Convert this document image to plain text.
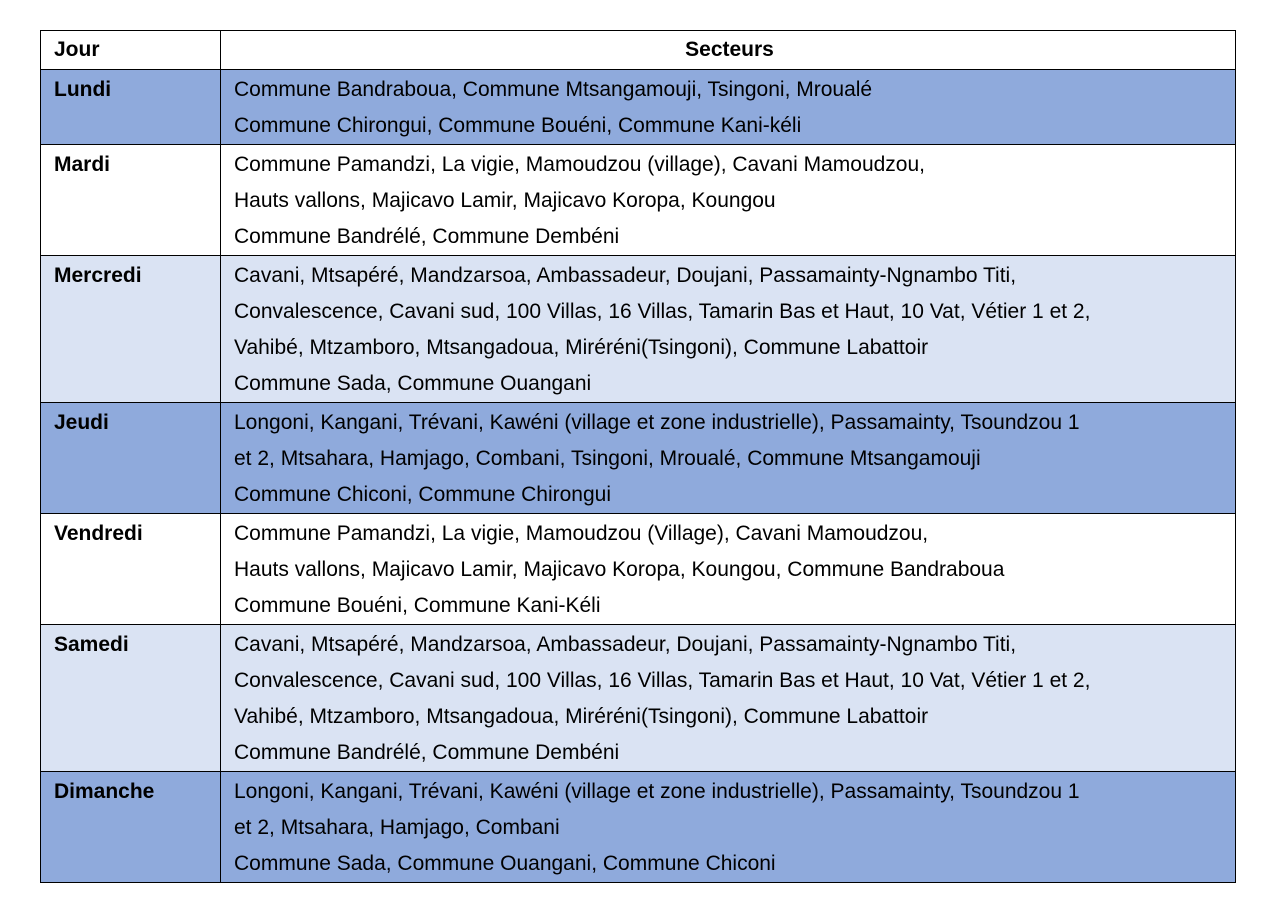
Jour	Secteurs
Lundi	Commune Bandraboua, Commune Mtsangamouji, Tsingoni, Mroualé
Commune Chirongui, Commune Bouéni, Commune Kani-kéli

Mardi	Commune Pamandzi, La vigie, Mamoudzou (village), Cavani Mamoudzou,
Hauts vallons, Majicavo Lamir, Majicavo Koropa, Koungou
Commune Bandrélé, Commune Dembéni

Mercredi	Cavani, Mtsapéré, Mandzarsoa, Ambassadeur, Doujani, Passamainty-Ngnambo Titi,
Convalescence, Cavani sud, 100 Villas, 16 Villas, Tamarin Bas et Haut, 10 Vat, Vétier 1 et 2,
Vahibé, Mtzamboro, Mtsangadoua, Miréréni(Tsingoni), Commune Labattoir
Commune Sada, Commune Ouangani

Jeudi	Longoni, Kangani, Trévani, Kawéni (village et zone industrielle), Passamainty, Tsoundzou 1
et 2, Mtsahara, Hamjago, Combani, Tsingoni, Mroualé, Commune Mtsangamouji
Commune Chiconi, Commune Chirongui

Vendredi	Commune Pamandzi, La vigie, Mamoudzou (Village), Cavani Mamoudzou,
Hauts vallons, Majicavo Lamir, Majicavo Koropa, Koungou, Commune Bandraboua
Commune Bouéni, Commune Kani-Kéli

Samedi	Cavani, Mtsapéré, Mandzarsoa, Ambassadeur, Doujani, Passamainty-Ngnambo Titi,
Convalescence, Cavani sud, 100 Villas, 16 Villas, Tamarin Bas et Haut, 10 Vat, Vétier 1 et 2,
Vahibé, Mtzamboro, Mtsangadoua, Miréréni(Tsingoni), Commune Labattoir
Commune Bandrélé, Commune Dembéni

Dimanche	Longoni, Kangani, Trévani, Kawéni (village et zone industrielle), Passamainty, Tsoundzou 1
et 2, Mtsahara, Hamjago, Combani
Commune Sada, Commune Ouangani, Commune Chiconi
